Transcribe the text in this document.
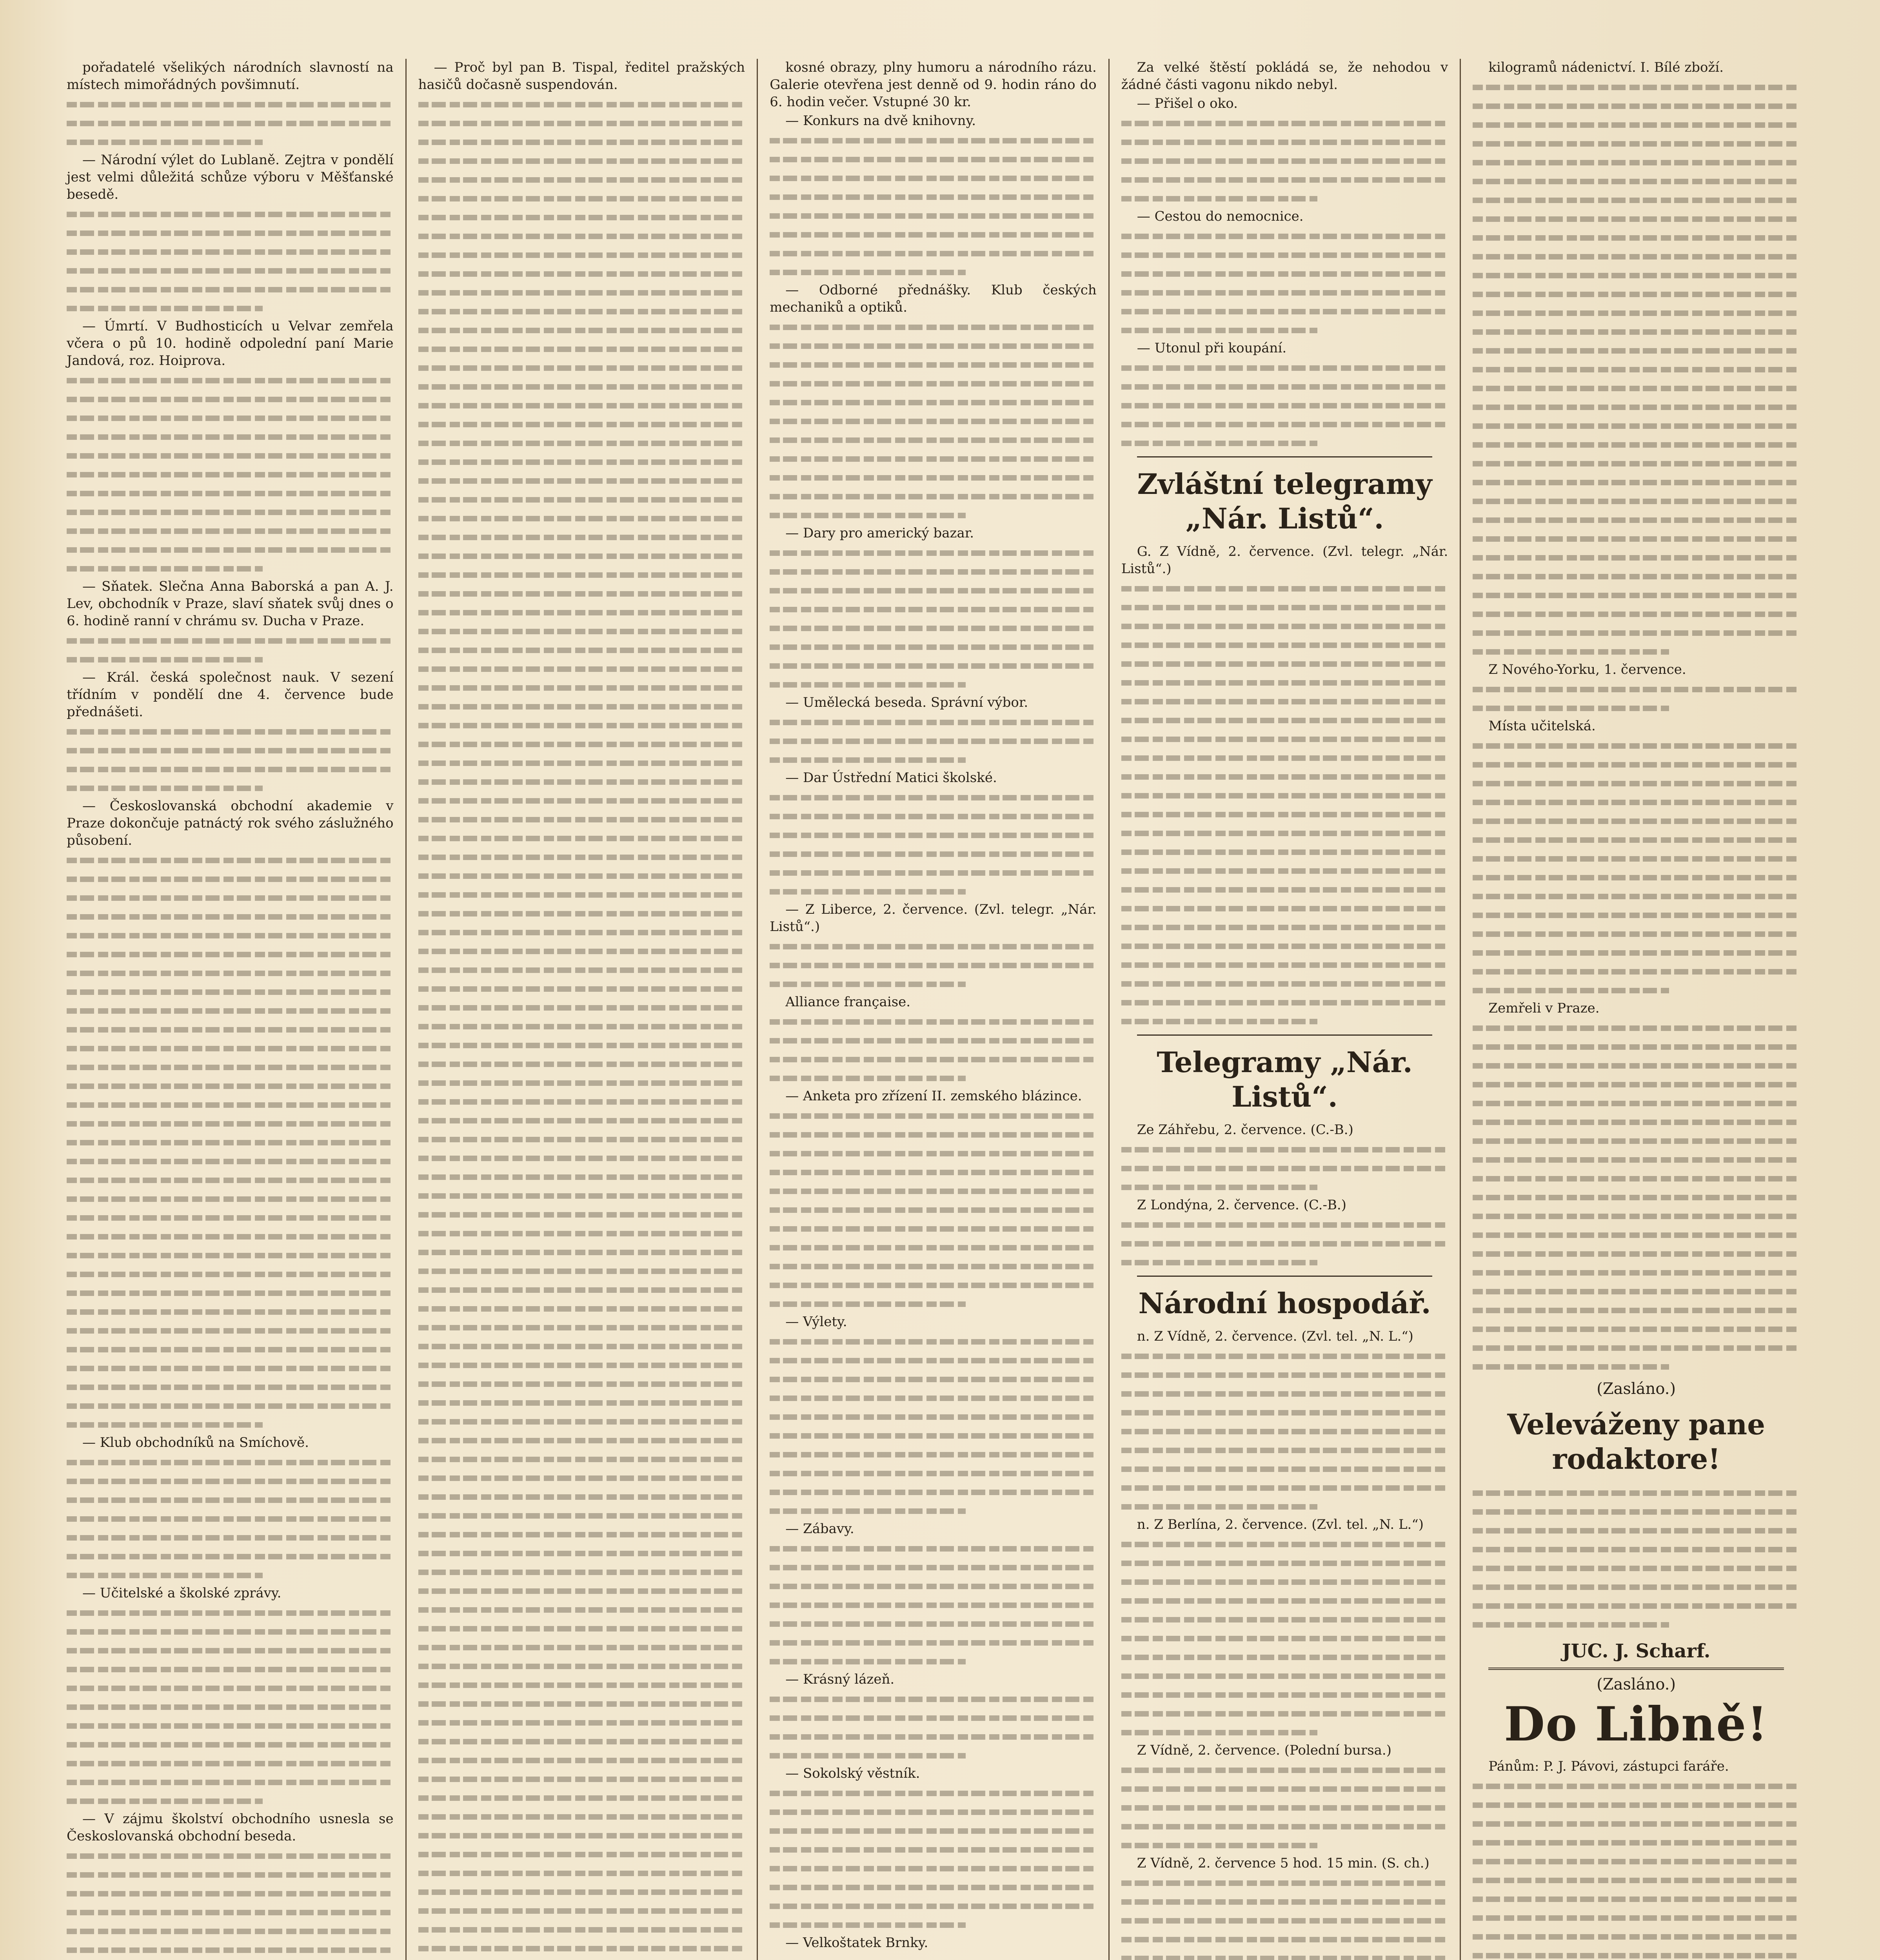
pořadatelé všelikých národních slavností na místech mimořádných povšimnutí.

— Národní výlet do Lublaně. Zejtra v pondělí jest velmi důležitá schůze výboru v Měšťanské besedě.

— Úmrtí. V Budhosticích u Velvar zemřela včera o pů 10. hodině odpolední paní Marie Jandová, roz. Hoiprova.

— Sňatek. Slečna Anna Baborská a pan A. J. Lev, obchodník v Praze, slaví sňatek svůj dnes o 6. hodině ranní v chrámu sv. Ducha v Praze.

— Král. česká společnost nauk. V sezení třídním v pondělí dne 4. července bude přednášeti.

— Českoslovanská obchodní akademie v Praze dokončuje patnáctý rok svého záslužného působení.

— Klub obchodníků na Smíchově.

— Učitelské a školské zprávy.

— V zájmu školství obchodního usnesla se Českoslovanská obchodní beseda.

— Proč byl pan B. Tispal, ředitel pražských hasičů dočasně suspendován.

kosné obrazy, plny humoru a národního rázu. Galerie otevřena jest denně od 9. hodin ráno do 6. hodin večer. Vstupné 30 kr.

— Konkurs na dvě knihovny.

— Odborné přednášky. Klub českých mechaniků a optiků.

— Dary pro americký bazar.

— Umělecká beseda. Správní výbor.

— Dar Ústřední Matici školské.

— Z Liberce, 2. července. (Zvl. telegr. „Nár. Listů“.)

Alliance française.

— Anketa pro zřízení II. zemského blázince.

— Výlety.

— Zábavy.

— Krásný lázeň.

— Sokolský věstník.

— Velkoštatek Brnky.

Za velké štěstí pokládá se, že nehodou v žádné části vagonu nikdo nebyl.

— Přišel o oko.

— Cestou do nemocnice.

— Utonul při koupání.

Zvláštní telegramy „Nár. Listů“.

G. Z Vídně, 2. července. (Zvl. telegr. „Nár. Listů“.)

Telegramy „Nár. Listů“.

Ze Záhřebu, 2. července. (C.-B.)

Z Londýna, 2. července. (C.-B.)

Národní hospodář.

n. Z Vídně, 2. července. (Zvl. tel. „N. L.“)

n. Z Berlína, 2. července. (Zvl. tel. „N. L.“)

Z Vídně, 2. července. (Polední bursa.)

Z Vídně, 2. července 5 hod. 15 min. (S. ch.)

kilogramů nádenictví. I. Bílé zboží.

Z Nového-Yorku, 1. července.

Místa učitelská.

Zemřeli v Praze.

(Zasláno.)
Veleváženy pane rodaktore!
JUC. J. Scharf.
(Zasláno.)
Do Libně!

Pánům: P. J. Pávovi, zástupci faráře.
